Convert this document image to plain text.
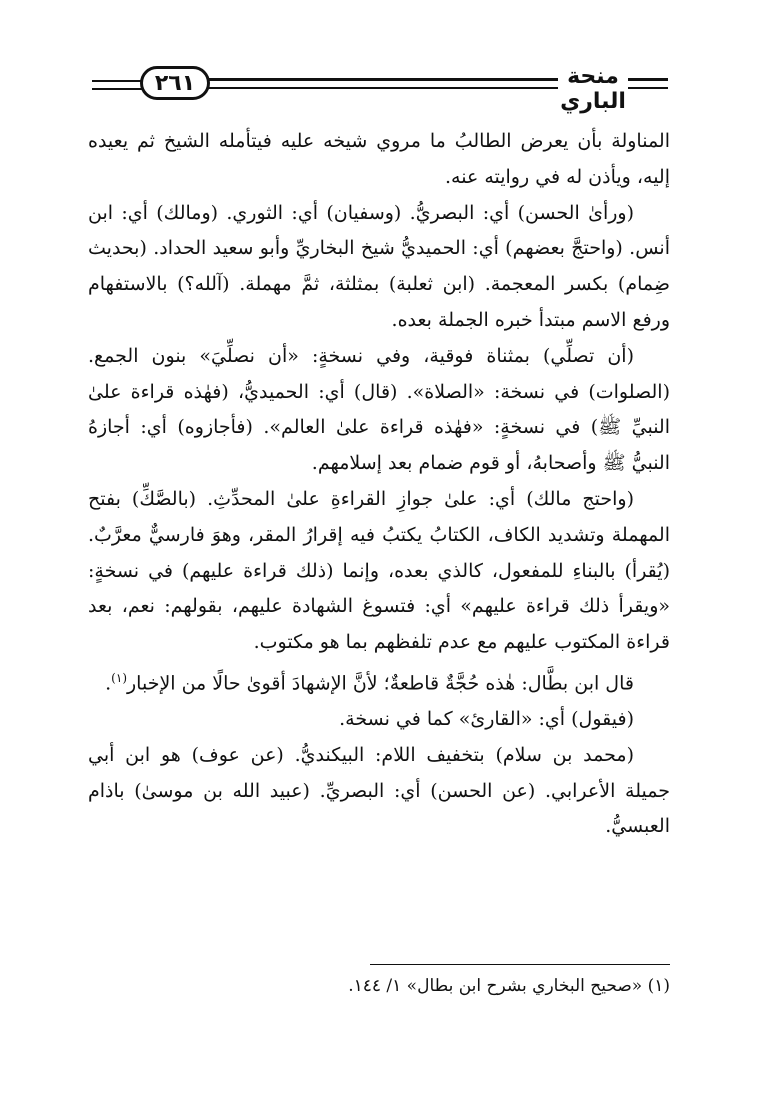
٢٦١	منحة الباري

المناولة بأن يعرض الطالبُ ما مروي شيخه عليه فيتأمله الشيخ ثم يعيده إليه، ويأذن له في روايته عنه.

(ورأىٰ الحسن) أي: البصريُّ. (وسفيان) أي: الثوري. (ومالك) أي: ابن أنس. (واحتجَّ بعضهم) أي: الحميديُّ شيخ البخاريِّ وأبو سعيد الحداد. (بحديث ضِمام) بكسر المعجمة. (ابن ثعلبة) بمثلثة، ثمَّ مهملة. (آلله؟) بالاستفهام ورفع الاسم مبتدأ خبره الجملة بعده.

(أن تصلِّي) بمثناة فوقية، وفي نسخةٍ: «أن نصلِّيَ» بنون الجمع. (الصلوات) في نسخة: «الصلاة». (قال) أي: الحميديُّ، (فهٰذه قراءة علىٰ النبيِّ ﷺ) في نسخةٍ: «فهٰذه قراءة علىٰ العالم». (فأجازوه) أي: أجازهُ النبيُّ ﷺ وأصحابهُ، أو قوم ضمام بعد إسلامهم.

(واحتج مالك) أي: علىٰ جوازِ القراءةِ علىٰ المحدِّثِ. (بالصَّكِّ) بفتح المهملة وتشديد الكاف، الكتابُ يكتبُ فيه إقرارُ المقر، وهوَ فارسيٌّ معرَّبٌ. (يُقرأ) بالبناءِ للمفعول، كالذي بعده، وإنما (ذلك قراءة عليهم) في نسخةٍ: «ويقرأ ذلك قراءة عليهم» أي: فتسوغ الشهادة عليهم، بقولهم: نعم، بعد قراءة المكتوب عليهم مع عدم تلفظهم بما هو مكتوب.

قال ابن بطَّال: هٰذه حُجَّةٌ قاطعةٌ؛ لأنَّ الإشهادَ أقوىٰ حالًا من الإخبار$^{(١)}$.

(فيقول) أي: «القارئ» كما في نسخة.

(محمد بن سلام) بتخفيف اللام: البيكنديُّ. (عن عوف) هو ابن أبي جميلة الأعرابي. (عن الحسن) أي: البصريِّ. (عبيد الله بن موسىٰ) باذام العبسيُّ.

(١) «صحيح البخاري بشرح ابن بطال» ١/ ١٤٤.
